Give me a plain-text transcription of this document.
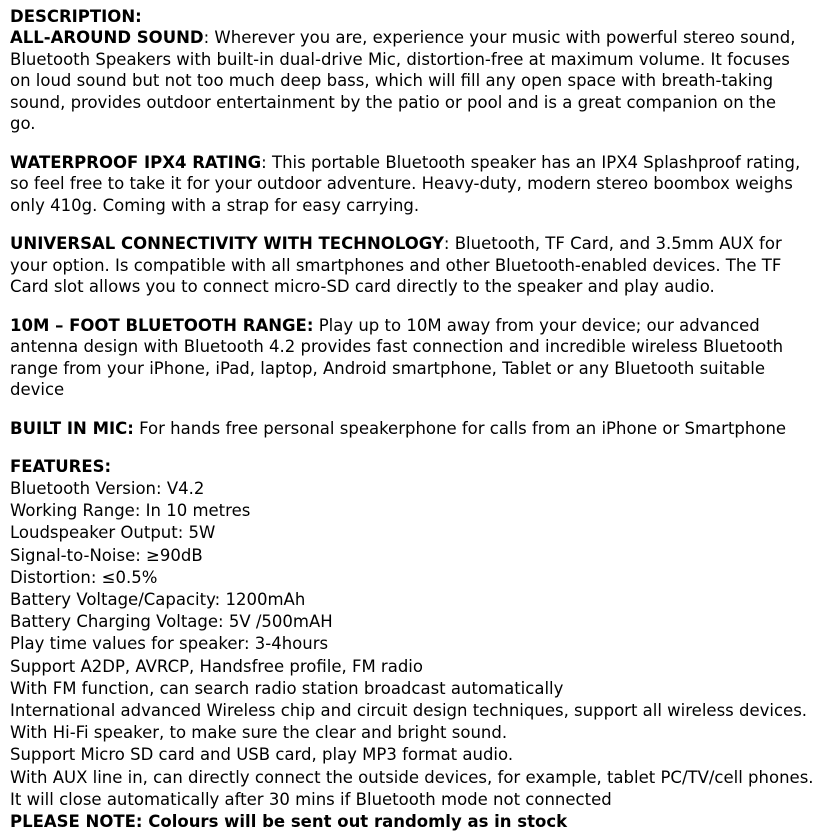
DESCRIPTION:

ALL-AROUND SOUND: Wherever you are, experience your music with powerful stereo sound, Bluetooth Speakers with built-in dual-drive Mic, distortion-free at maximum volume. It focuses on loud sound but not too much deep bass, which will fill any open space with breath-taking sound, provides outdoor entertainment by the patio or pool and is a great companion on the go.

WATERPROOF IPX4 RATING: This portable Bluetooth speaker has an IPX4 Splashproof rating, so feel free to take it for your outdoor adventure. Heavy-duty, modern stereo boombox weighs only 410g. Coming with a strap for easy carrying.

UNIVERSAL CONNECTIVITY WITH TECHNOLOGY: Bluetooth, TF Card, and 3.5mm AUX for your option. Is compatible with all smartphones and other Bluetooth-enabled devices. The TF Card slot allows you to connect micro-SD card directly to the speaker and play audio.

10M – FOOT BLUETOOTH RANGE: Play up to 10M away from your device; our advanced antenna design with Bluetooth 4.2 provides fast connection and incredible wireless Bluetooth range from your iPhone, iPad, laptop, Android smartphone, Tablet or any Bluetooth suitable device

BUILT IN MIC: For hands free personal speakerphone for calls from an iPhone or Smartphone

FEATURES:
Bluetooth Version: V4.2
Working Range: In 10 metres
Loudspeaker Output: 5W
Signal-to-Noise: ≥90dB
Distortion: ≤0.5%
Battery Voltage/Capacity: 1200mAh
Battery Charging Voltage: 5V /500mAH
Play time values for speaker: 3-4hours
Support A2DP, AVRCP, Handsfree profile, FM radio
With FM function, can search radio station broadcast automatically
International advanced Wireless chip and circuit design techniques, support all wireless devices.
With Hi-Fi speaker, to make sure the clear and bright sound.
Support Micro SD card and USB card, play MP3 format audio.
With AUX line in, can directly connect the outside devices, for example, tablet PC/TV/cell phones.
It will close automatically after 30 mins if Bluetooth mode not connected
PLEASE NOTE: Colours will be sent out randomly as in stock
